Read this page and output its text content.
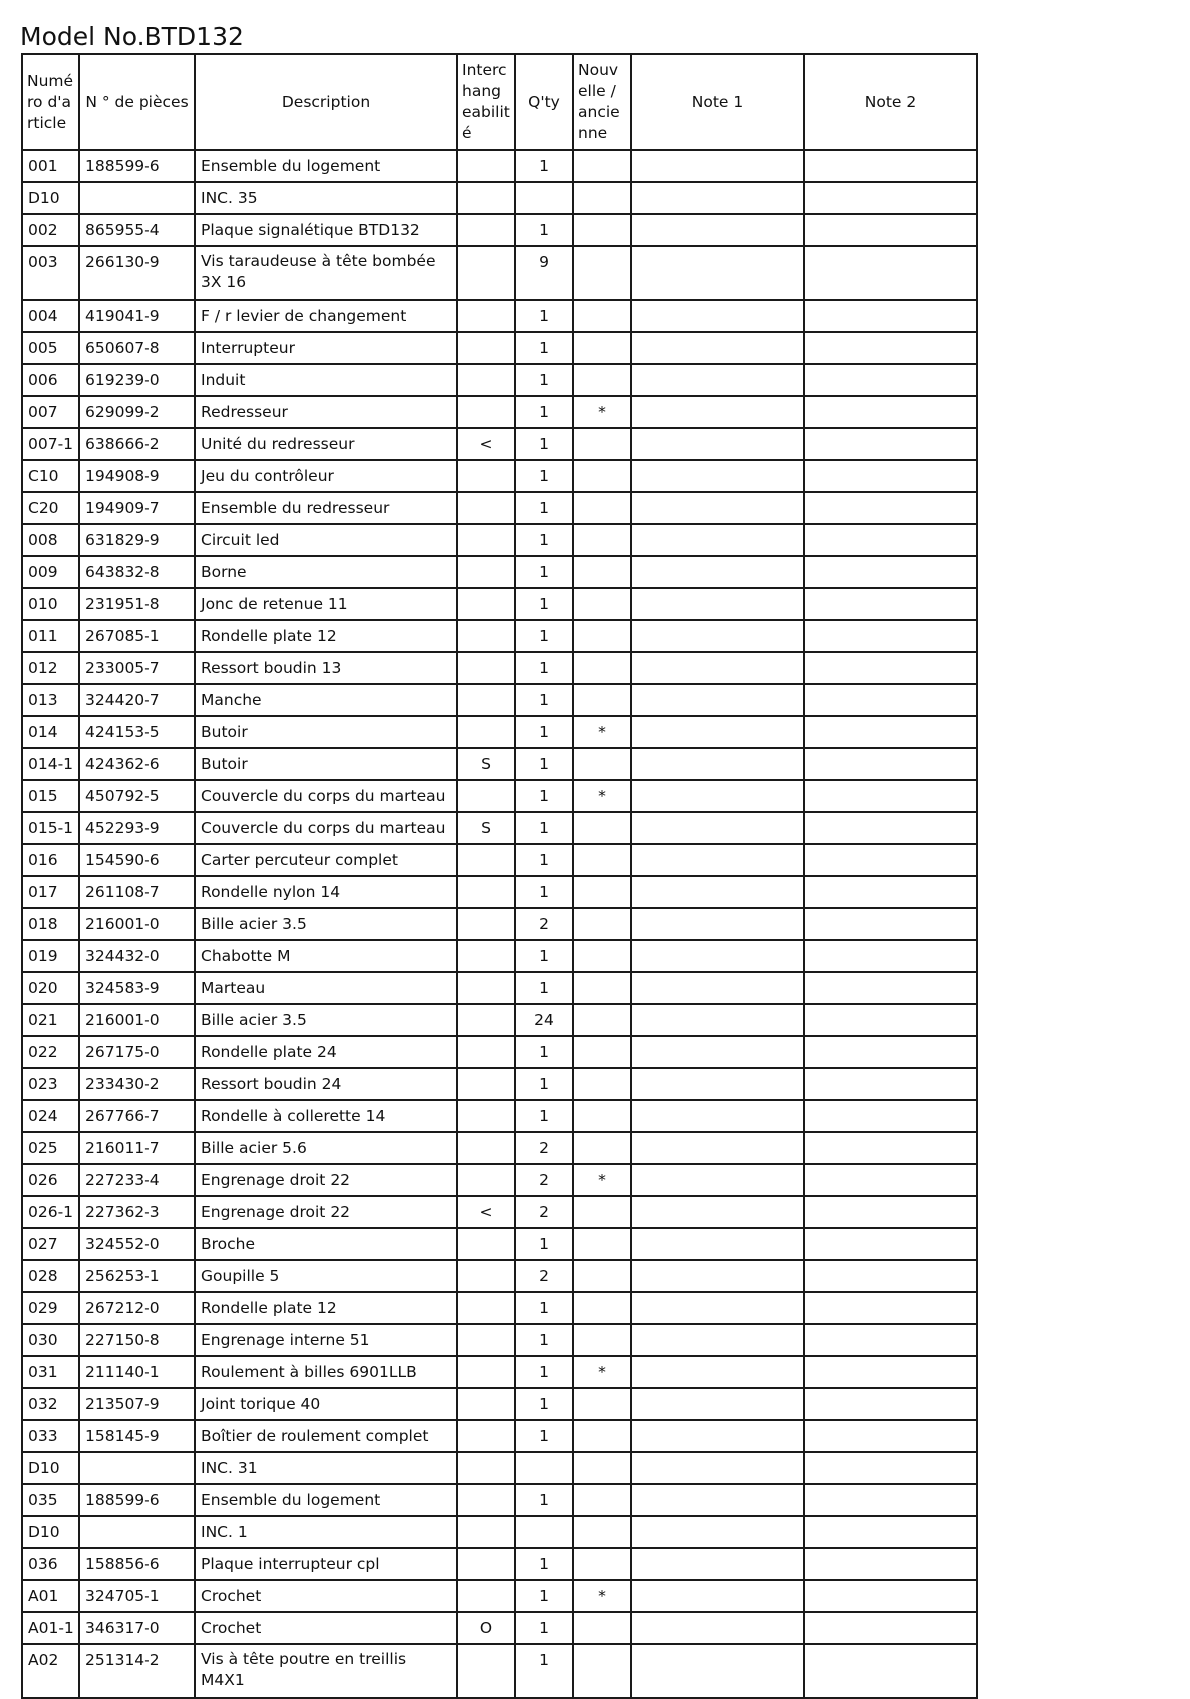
Model No.BTD132
Numé ro d'a rticle	N ° de pièces	Description	Interc hang eabilit é	Q'ty	Nouv elle / ancie nne	Note 1	Note 2
001	188599-6	Ensemble du logement		1			
D10		INC. 35					
002	865955-4	Plaque signalétique BTD132		1			
003	266130-9	Vis taraudeuse à tête bombée 3X 16		9			
004	419041-9	F / r levier de changement		1			
005	650607-8	Interrupteur		1			
006	619239-0	Induit		1			
007	629099-2	Redresseur		1	*		
007-1	638666-2	Unité du redresseur	<	1			
C10	194908-9	Jeu du contrôleur		1			
C20	194909-7	Ensemble du redresseur		1			
008	631829-9	Circuit led		1			
009	643832-8	Borne		1			
010	231951-8	Jonc de retenue 11		1			
011	267085-1	Rondelle plate 12		1			
012	233005-7	Ressort boudin 13		1			
013	324420-7	Manche		1			
014	424153-5	Butoir		1	*		
014-1	424362-6	Butoir	S	1			
015	450792-5	Couvercle du corps du marteau		1	*		
015-1	452293-9	Couvercle du corps du marteau	S	1			
016	154590-6	Carter percuteur complet		1			
017	261108-7	Rondelle nylon 14		1			
018	216001-0	Bille acier 3.5		2			
019	324432-0	Chabotte M		1			
020	324583-9	Marteau		1			
021	216001-0	Bille acier 3.5		24			
022	267175-0	Rondelle plate 24		1			
023	233430-2	Ressort boudin 24		1			
024	267766-7	Rondelle à collerette 14		1			
025	216011-7	Bille acier 5.6		2			
026	227233-4	Engrenage droit 22		2	*		
026-1	227362-3	Engrenage droit 22	<	2			
027	324552-0	Broche		1			
028	256253-1	Goupille 5		2			
029	267212-0	Rondelle plate 12		1			
030	227150-8	Engrenage interne 51		1			
031	211140-1	Roulement à billes 6901LLB		1	*		
032	213507-9	Joint torique 40		1			
033	158145-9	Boîtier de roulement complet		1			
D10		INC. 31					
035	188599-6	Ensemble du logement		1			
D10		INC. 1					
036	158856-6	Plaque interrupteur cpl		1			
A01	324705-1	Crochet		1	*		
A01-1	346317-0	Crochet	O	1			
A02	251314-2	Vis à tête poutre en treillis M4X1		1			
